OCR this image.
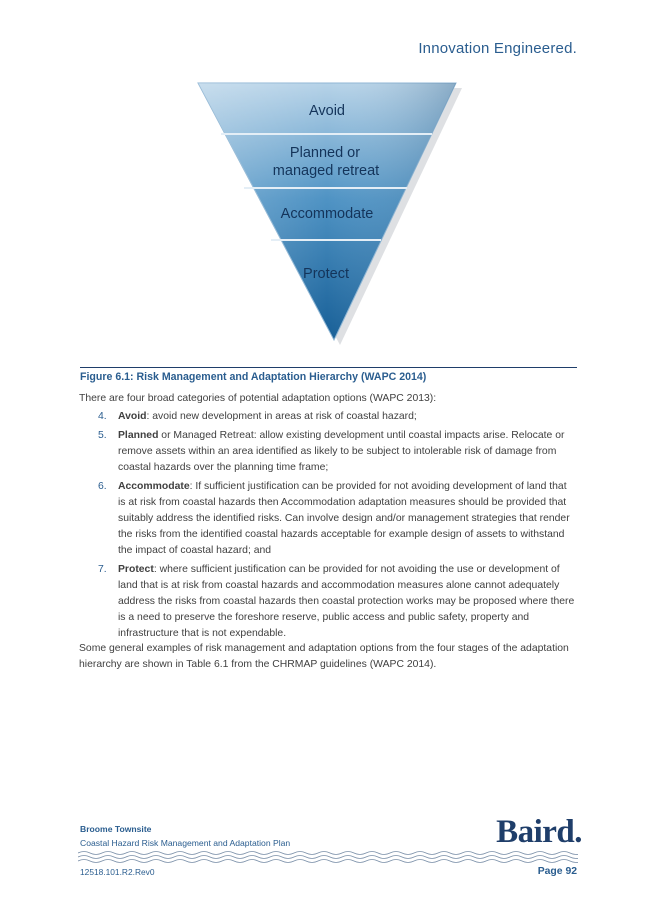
Innovation Engineered.
Avoid
Planned or
managed retreat
Accommodate
Protect
Figure 6.1: Risk Management and Adaptation Hierarchy (WAPC 2014)
There are four broad categories of potential adaptation options (WAPC 2013):
4. Avoid: avoid new development in areas at risk of coastal hazard;
5. Planned or Managed Retreat: allow existing development until coastal impacts arise. Relocate or remove assets within an area identified as likely to be subject to intolerable risk of damage from coastal hazards over the planning time frame;
6. Accommodate: If sufficient justification can be provided for not avoiding development of land that is at risk from coastal hazards then Accommodation adaptation measures should be provided that suitably address the identified risks. Can involve design and/or management strategies that render the risks from the identified coastal hazards acceptable for example design of assets to withstand the impact of coastal hazard; and
7. Protect: where sufficient justification can be provided for not avoiding the use or development of land that is at risk from coastal hazards and accommodation measures alone cannot adequately address the risks from coastal hazards then coastal protection works may be proposed where there is a need to preserve the foreshore reserve, public access and public safety, property and infrastructure that is not expendable.
Some general examples of risk management and adaptation options from the four stages of the adaptation hierarchy are shown in Table 6.1 from the CHRMAP guidelines (WAPC 2014).
Broome Townsite
Coastal Hazard Risk Management and Adaptation Plan	Baird.
12518.101.R2.Rev0	Page 92
